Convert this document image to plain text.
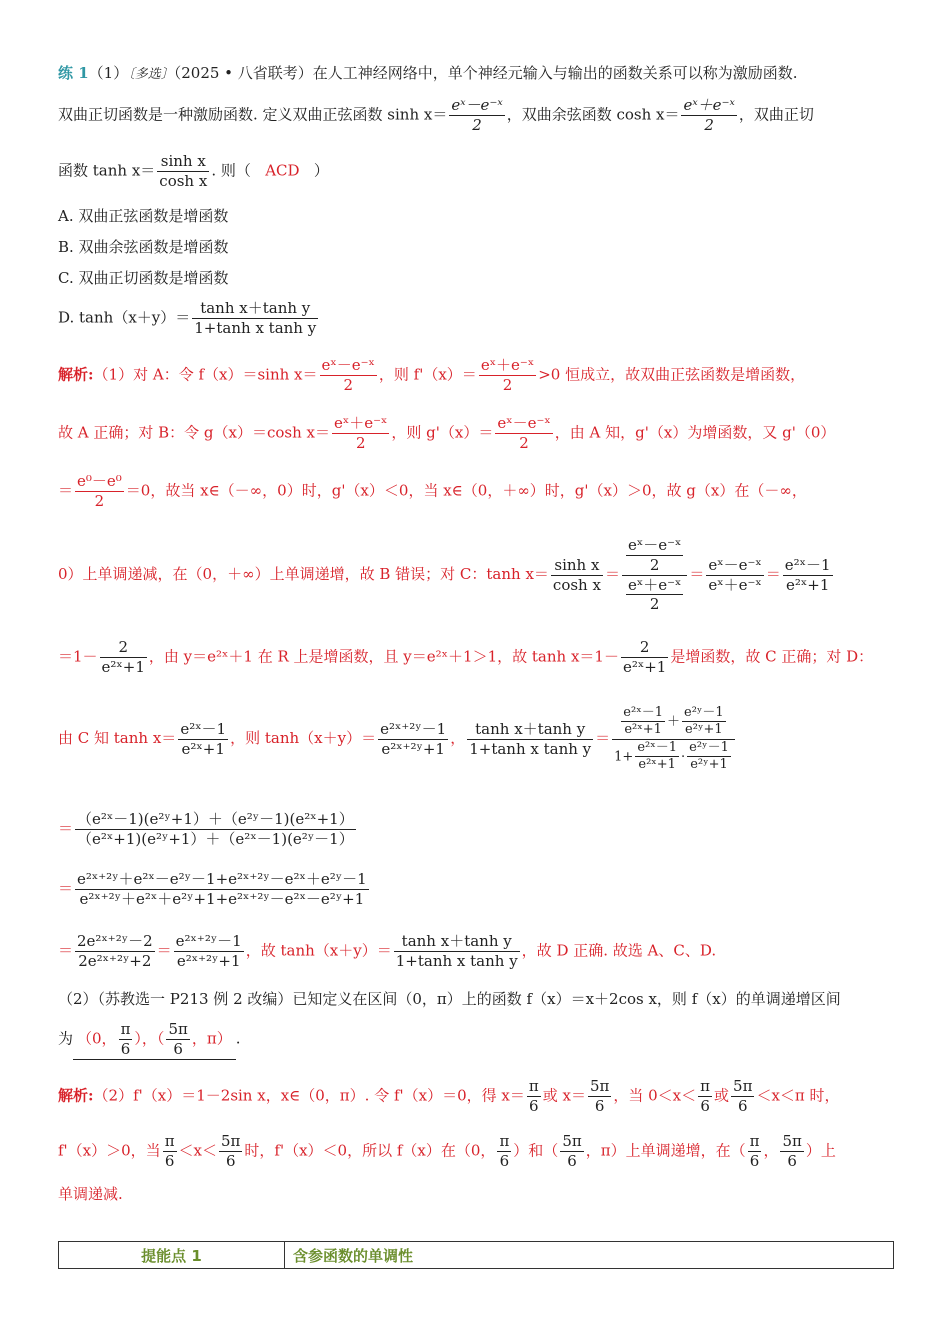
练 1（1）〔多选〕（2025 • 八省联考）在人工神经网络中，单个神经元输入与输出的函数关系可以称为激励函数.
双曲正切函数是一种激励函数. 定义双曲正弦函数 $\sinh x= \frac{\text{eˣ－e⁻ˣ}}{2}$ ，双曲余弦函数 $\cosh x= \frac{\text{eˣ＋e⁻ˣ}}{2}$ ，双曲正切
函数 $\tanh x= \frac{\text{sinh x}}{\text{cosh x}}$ . 则（ ACD ）
A. 双曲正弦函数是增函数
B. 双曲余弦函数是增函数
C. 双曲正切函数是增函数
D. $\tanh(x+y)= \frac{\text{tanh x＋tanh y}}{\text{1+tanh x tanh y}}$
解析:（1）对 A：令 f（x）＝sinh $x= \frac{\text{eˣ－e⁻ˣ}}{2}$ ，则 $f'(x)= \frac{\text{eˣ＋e⁻ˣ}}{2} >0$ 恒成立，故双曲正弦函数是增函数，
故 A 正确；对 B：令 g（x）＝cosh $x= \frac{\text{eˣ＋e⁻ˣ}}{2}$ ，则 $g'(x)= \frac{\text{eˣ－e⁻ˣ}}{2}$ ，由 A 知，g'（x）为增函数，又 g'（0）
＝ $\frac{\text{e⁰－e⁰}}{2} =0$，故当 x∈（－∞，0）时，g'（x）＜0，当 x∈（0，＋∞）时，g'（x）＞0，故 g（x）在（－∞，
0）上单调递减，在（0，＋∞）上单调递增，故 B 错误；对 C：$\tanh x= \frac{\text{sinh x}}{\text{cosh x}} = \frac{\frac{\text{eˣ－e⁻ˣ}}{2}}{\frac{\text{eˣ＋e⁻ˣ}}{2}} = \frac{\text{eˣ－e⁻ˣ}}{\text{eˣ＋e⁻ˣ}} = \frac{\text{e²ˣ－1}}{\text{e²ˣ+1}}$
$=1- \frac{2}{\text{e²ˣ+1}}$ ，由 y＝e²ˣ＋1 在 R 上是增函数，且 y＝e²ˣ＋1＞1，故 $\tanh x=1- \frac{2}{\text{e²ˣ+1}}$ 是增函数，故 C 正确；对 D：
由 C 知 $\tanh x= \frac{\text{e²ˣ－1}}{\text{e²ˣ+1}}$ ，则 $\tanh(x+y)= \frac{\text{e²ˣ⁺²ʸ－1}}{\text{e²ˣ⁺²ʸ+1}}$ ， $\frac{\text{tanh x＋tanh y}}{\text{1+tanh x tanh y}} = \frac{\frac{\text{e²ˣ－1}}{\text{e²ˣ+1}} + \frac{\text{e²ʸ－1}}{\text{e²ʸ+1}}}{1+ \frac{\text{e²ˣ－1}}{\text{e²ˣ+1}} \cdot \frac{\text{e²ʸ－1}}{\text{e²ʸ+1}}}$
＝ $\frac{\text{（e²ˣ－1)(e²ʸ+1）＋（e²ʸ－1)(e²ˣ+1）}}{\text{（e²ˣ+1)(e²ʸ+1）＋（e²ˣ－1)(e²ʸ－1）}}$
＝ $\frac{\text{e²ˣ⁺²ʸ＋e²ˣ－e²ʸ－1+e²ˣ⁺²ʸ－e²ˣ＋e²ʸ－1}}{\text{e²ˣ⁺²ʸ＋e²ˣ＋e²ʸ+1+e²ˣ⁺²ʸ－e²ˣ－e²ʸ+1}}$
＝ $\frac{\text{2e²ˣ⁺²ʸ－2}}{\text{2e²ˣ⁺²ʸ+2}} = \frac{\text{e²ˣ⁺²ʸ－1}}{\text{e²ˣ⁺²ʸ+1}}$ ，故 $\tanh(x+y)= \frac{\text{tanh x＋tanh y}}{\text{1+tanh x tanh y}}$ ，故 D 正确. 故选 A、C、D.
（2）（苏教选一 P213 例 2 改编）已知定义在区间（0，π）上的函数 f（x）＝x＋2cos x，则 f（x）的单调递增区间
为 （0， $\frac{\pi}{6}$ ），（ $\frac{5\pi}{6}$ ，π） .
解析:（2）f'（x）＝1－2sin x，x∈（0，π）. 令 f'（x）＝0，得 $x= \frac{\pi}{6}$ 或 $x= \frac{5\pi}{6}$ ，当 $0<x< \frac{\pi}{6}$ 或 $\frac{5\pi}{6} <x<\pi$ 时，
f'（x）＞0，当 $\frac{\pi}{6} <x< \frac{5\pi}{6}$ 时，f'（x）＜0，所以 f（x）在（0， $\frac{\pi}{6}$ ）和（ $\frac{5\pi}{6}$ ，π）上单调递增，在（ $\frac{\pi}{6}$ ， $\frac{5\pi}{6}$ ）上
单调递减.
提能点 1	含参函数的单调性
